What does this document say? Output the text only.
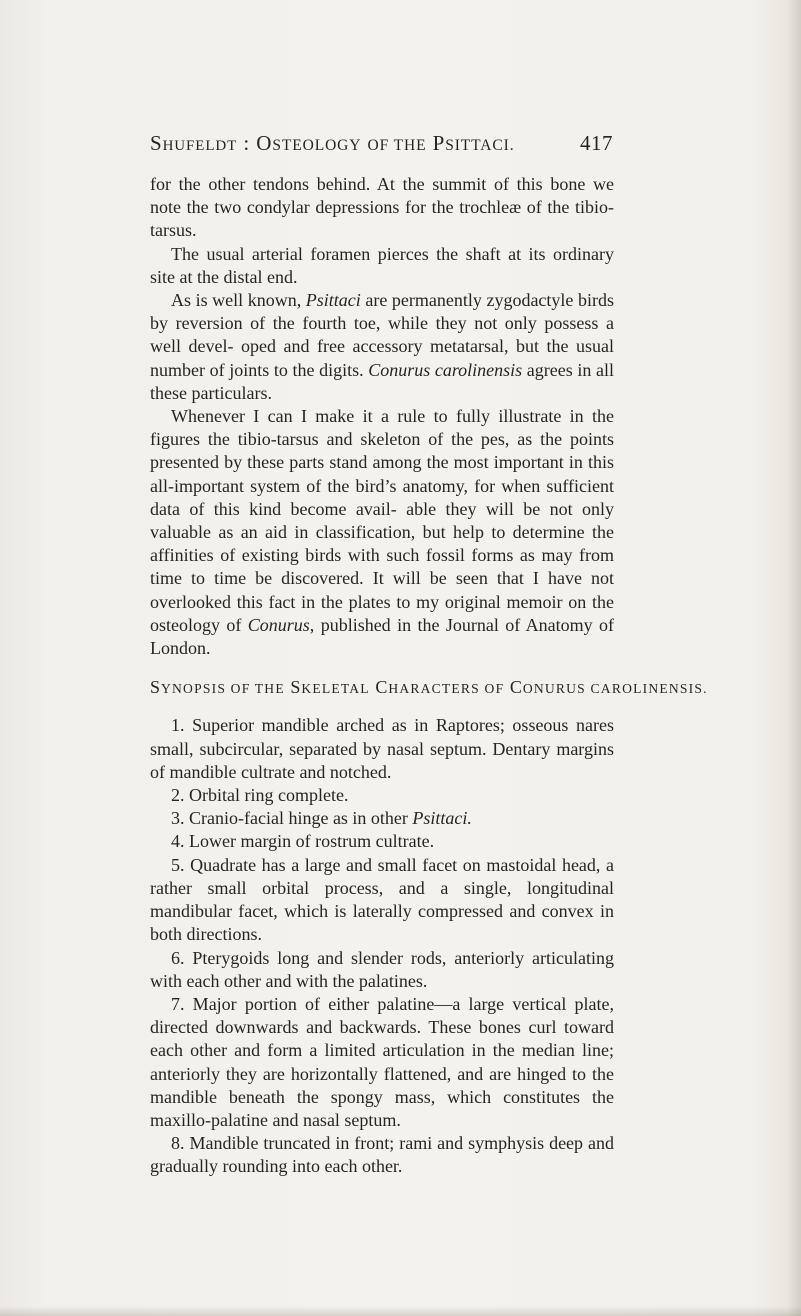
Shufeldt : OSTEOLOGY OF THE PSITTACI.	417

for the other tendons behind. At the summit of this bone we note the two condylar depressions for the trochleæ of the tibio-tarsus.

The usual arterial foramen pierces the shaft at its ordinary site at the distal end.

As is well known, Psittaci are permanently zygodactyle birds by reversion of the fourth toe, while they not only possess a well devel- oped and free accessory metatarsal, but the usual number of joints to the digits. Conurus carolinensis agrees in all these particulars.

Whenever I can I make it a rule to fully illustrate in the figures the tibio-tarsus and skeleton of the pes, as the points presented by these parts stand among the most important in this all-important system of the bird’s anatomy, for when sufficient data of this kind become avail- able they will be not only valuable as an aid in classification, but help to determine the affinities of existing birds with such fossil forms as may from time to time be discovered. It will be seen that I have not overlooked this fact in the plates to my original memoir on the osteology of Conurus, published in the Journal of Anatomy of London.

SYNOPSIS OF THE SKELETAL CHARACTERS OF CONURUS CAROLINENSIS.

1. Superior mandible arched as in Raptores; osseous nares small, subcircular, separated by nasal septum. Dentary margins of mandible cultrate and notched.

2. Orbital ring complete.

3. Cranio-facial hinge as in other Psittaci.

4. Lower margin of rostrum cultrate.

5. Quadrate has a large and small facet on mastoidal head, a rather small orbital process, and a single, longitudinal mandibular facet, which is laterally compressed and convex in both directions.

6. Pterygoids long and slender rods, anteriorly articulating with each other and with the palatines.

7. Major portion of either palatine—a large vertical plate, directed downwards and backwards. These bones curl toward each other and form a limited articulation in the median line; anteriorly they are horizontally flattened, and are hinged to the mandible beneath the spongy mass, which constitutes the maxillo-palatine and nasal septum.

8. Mandible truncated in front; rami and symphysis deep and gradually rounding into each other.
